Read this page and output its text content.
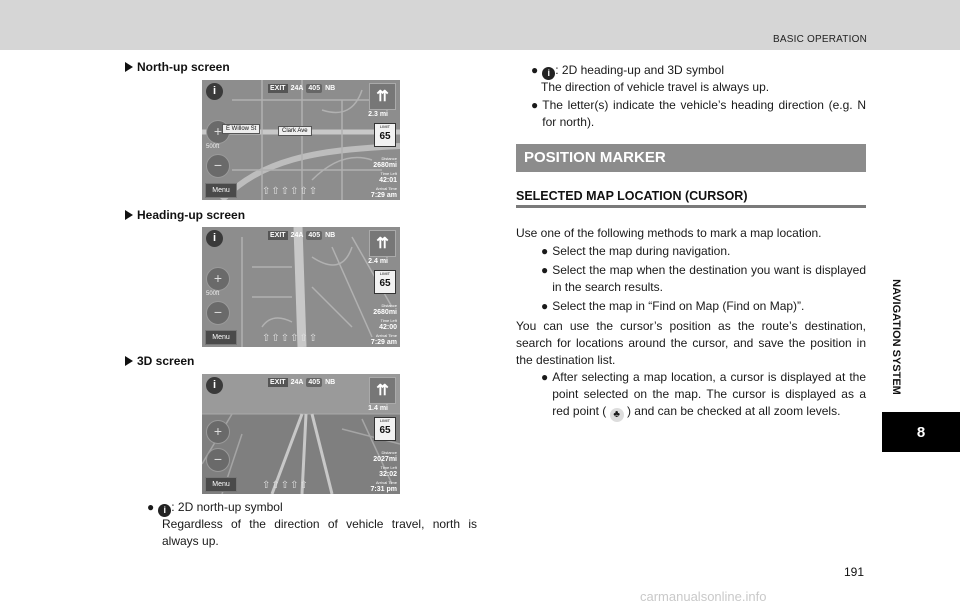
BASIC OPERATION
NAVIGATION SYSTEM
8
North-up screen
i	EXIT 24A 405 NB
+
500ft
−
E Willow St	Clark Ave
⇈
2.3 mi
LIMIT
65
Distance
2680mi
Time Left
42:01
Arrival Time
7:29 am
⇧⇧⇧⇧⇧⇧
Menu
Heading-up screen
i	EXIT 24A 405 NB
+
500ft
−
⇈
2.4 mi
LIMIT
65
Distance
2680mi
Time Left
42:00
Arrival Time
7:29 am
⇧⇧⇧⇧⇧⇧
Menu
3D screen
i	EXIT 24A 405 NB
+
−
⇈
1.4 mi
LIMIT
65
Distance
2027mi
Time Left
32:02
Arrival Time
7:31 pm
⇧⇧⇧⇧⇧
Menu
● i : 2D north-up symbol
Regardless of the direction of vehicle travel, north is always up.
● i : 2D heading-up and 3D symbol
The direction of vehicle travel is always up.
● The letter(s) indicate the vehicle’s heading direction (e.g. N for north).
POSITION MARKER
SELECTED MAP LOCATION (CURSOR)
Use one of the following methods to mark a map location.
● Select the map during navigation.
● Select the map when the destination you want is displayed in the search results.
● Select the map in “Find on Map (Find on Map)”.
You can use the cursor’s position as the route’s destination, search for locations around the cursor, and save the position in the destination list.
● After selecting a map location, a cursor is displayed at the point selected on the map. The cursor is displayed as a red point ( ♣ ) and can be checked at all zoom levels.
191
carmanualsonline.info
